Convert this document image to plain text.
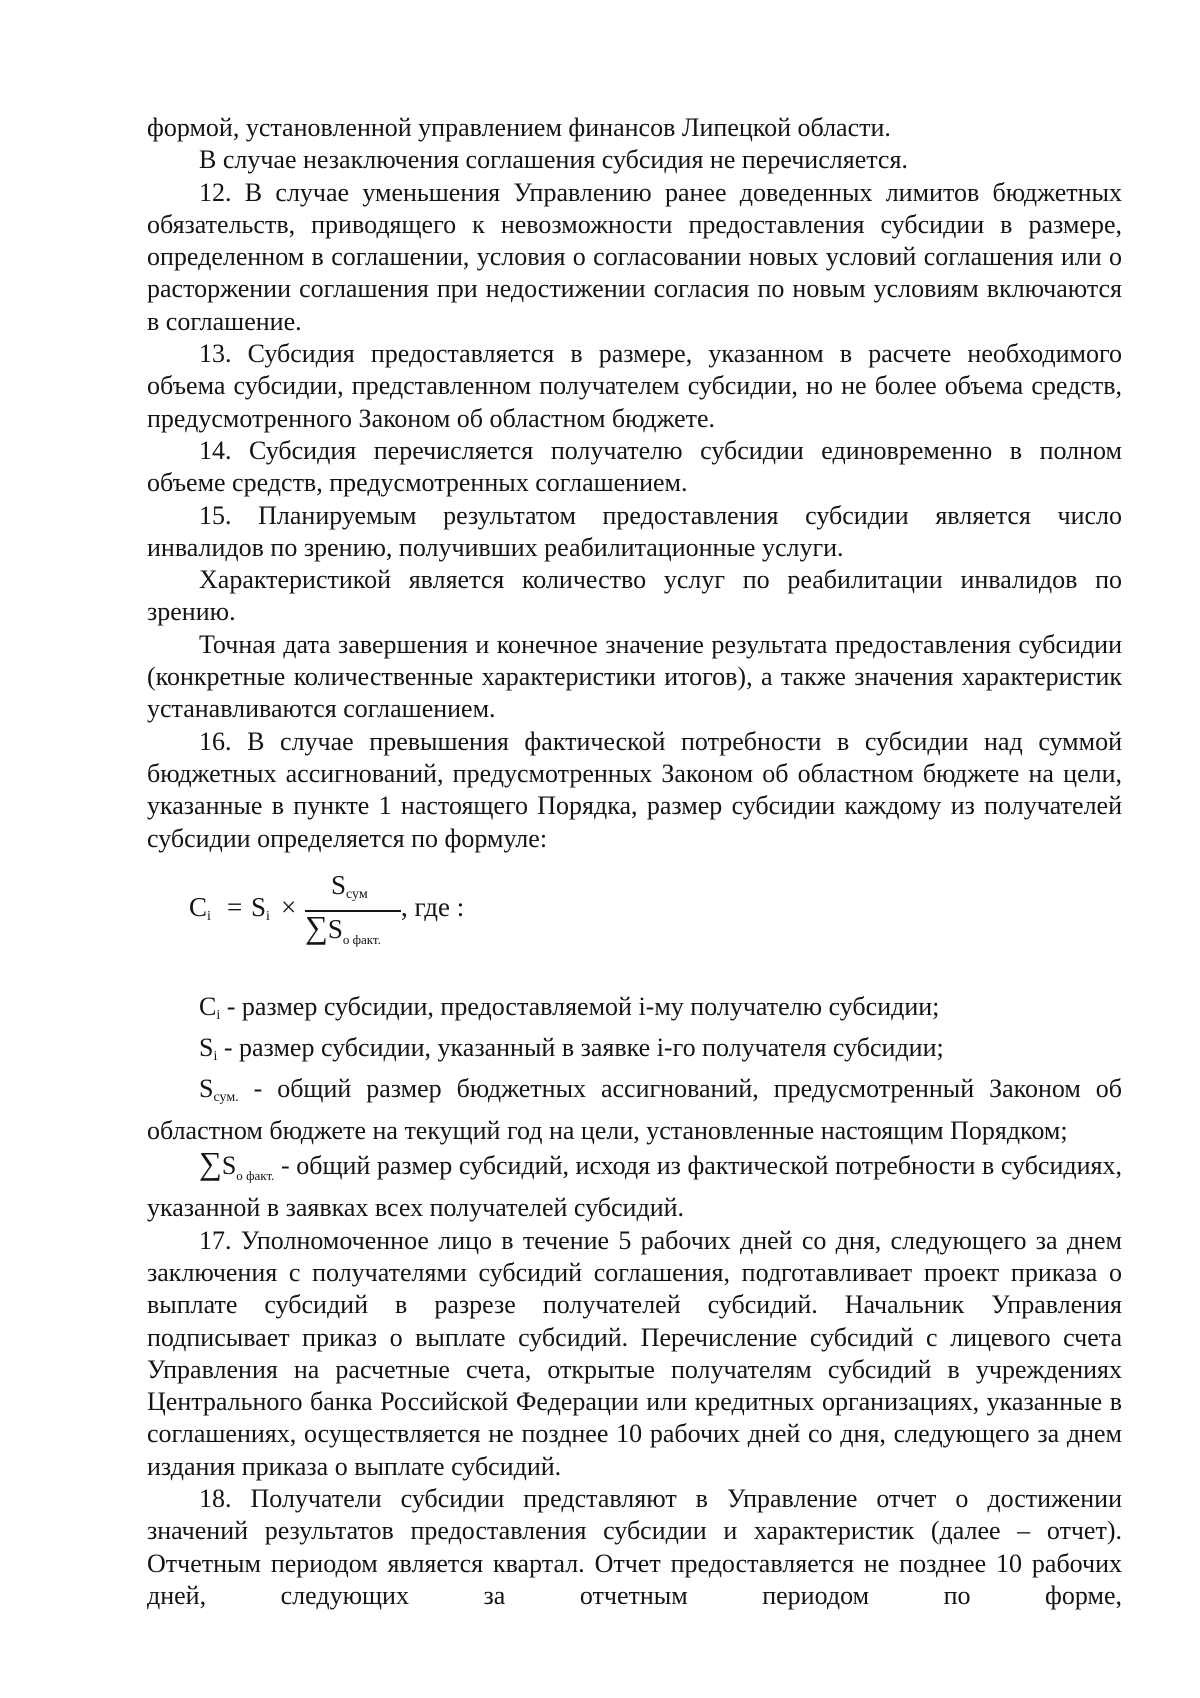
формой, установленной управлением финансов Липецкой области.

В случае незаключения соглашения субсидия не перечисляется.

12. В случае уменьшения Управлению ранее доведенных лимитов бюджетных обязательств, приводящего к невозможности предоставления субсидии в размере, определенном в соглашении, условия о согласовании новых условий соглашения или о расторжении соглашения при недостижении согласия по новым условиям включаются в соглашение.

13. Субсидия предоставляется в размере, указанном в расчете необходимого объема субсидии, представленном получателем субсидии, но не более объема средств, предусмотренного Законом об областном бюджете.

14. Субсидия перечисляется получателю субсидии единовременно в полном объеме средств, предусмотренных соглашением.

15. Планируемым результатом предоставления субсидии является число инвалидов по зрению, получивших реабилитационные услуги.

Характеристикой является количество услуг по реабилитации инвалидов по зрению.

Точная дата завершения и конечное значение результата предоставления субсидии (конкретные количественные характеристики итогов), а также значения характеристик устанавливаются соглашением.

16. В случае превышения фактической потребности в субсидии над суммой бюджетных ассигнований, предусмотренных Законом об областном бюджете на цели, указанные в пункте 1 настоящего Порядка, размер субсидии каждому из получателей субсидии определяется по формуле:

$C_i = S_i$ ×
$S_{сум}$
$\sum S_{о факт.}$
, где :

$C_i$ - размер субсидии, предоставляемой i-му получателю субсидии;

$S_i$ - размер субсидии, указанный в заявке i-го получателя субсидии;

$S_{сум.}$ - общий размер бюджетных ассигнований, предусмотренный Законом об областном бюджете на текущий год на цели, установленные настоящим Порядком;

$\sum S_{о факт.}$ - общий размер субсидий, исходя из фактической потребности в субсидиях, указанной в заявках всех получателей субсидий.

17. Уполномоченное лицо в течение 5 рабочих дней со дня, следующего за днем заключения с получателями субсидий соглашения, подготавливает проект приказа о выплате субсидий в разрезе получателей субсидий. Начальник Управления подписывает приказ о выплате субсидий. Перечисление субсидий с лицевого счета Управления на расчетные счета, открытые получателям субсидий в учреждениях Центрального банка Российской Федерации или кредитных организациях, указанные в соглашениях, осуществляется не позднее 10 рабочих дней со дня, следующего за днем издания приказа о выплате субсидий.

18. Получатели субсидии представляют в Управление отчет о достижении значений результатов предоставления субсидии и характеристик (далее – отчет). Отчетным периодом является квартал. Отчет предоставляется не позднее 10 рабочих дней, следующих за отчетным периодом по форме,
